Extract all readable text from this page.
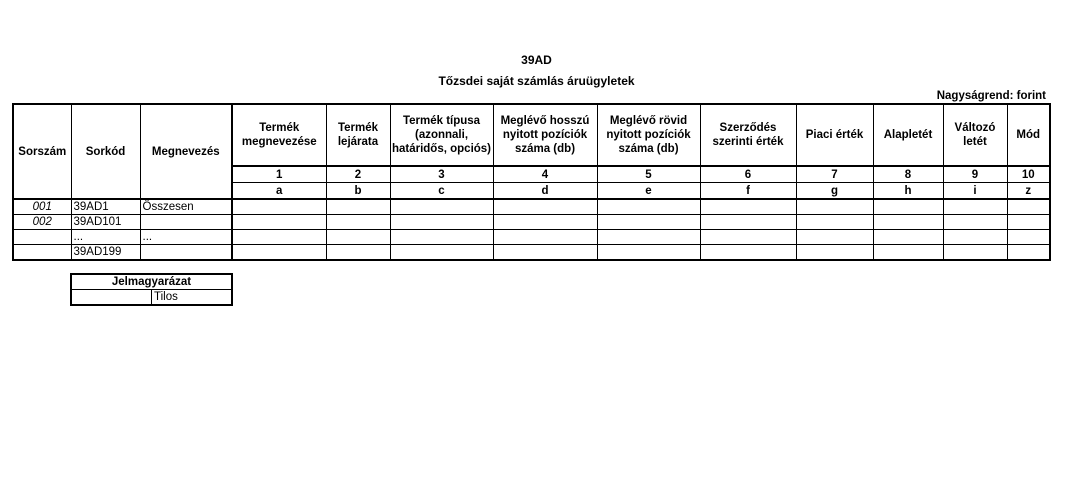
39AD
Tőzsdei saját számlás áruügyletek
Nagyságrend: forint
Sorszám	Sorkód	Megnevezés	Termék megnevezése	Termék lejárata	Termék típusa (azonnali, határidős, opciós)	Meglévő hosszú nyitott pozíciók száma (db)	Meglévő rövid nyitott pozíciók száma (db)	Szerződés szerinti érték	Piaci érték	Alapletét	Változó letét	Mód
			1	2	3	4	5	6	7	8	9	10
			a	b	c	d	e	f	g	h	i	z
001	39AD1	Összesen										
002	39AD101											
	...	...										
	39AD199											
Jelmagyarázat
	Tilos
